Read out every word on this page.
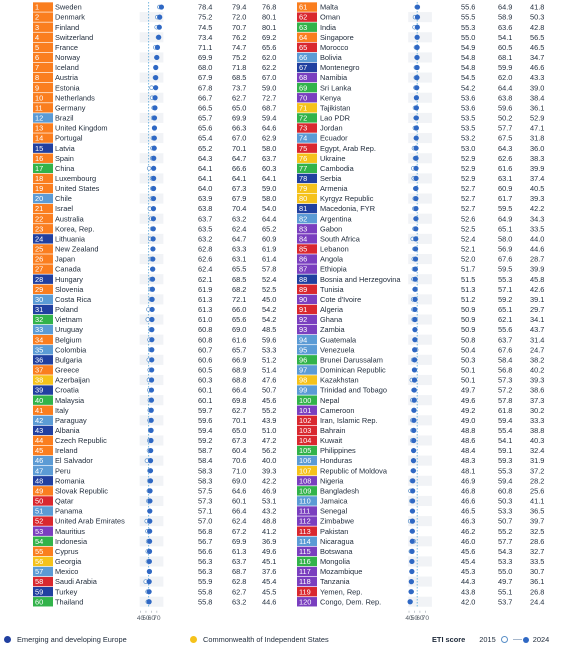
40
50
60
70	40
50
60
70
1 Sweden	78.4	79.4 76.8
2 Denmark	75.2	72.0 80.1
3 Finland	74.5	70.7 80.1
4 Switzerland	73.4	76.2 69.2
5 France	71.1	74.7 65.6
6 Norway	69.9	75.2 62.0
7 Iceland	68.0	71.8 62.2
8 Austria	67.9	68.5 67.0
9 Estonia	67.8	73.7 59.0
10 Netherlands	66.7	62.7 72.7
11 Germany	66.5	65.0 68.7
12 Brazil	65.7	69.9 59.4
13 United Kingdom	65.6	66.3 64.6
14 Portugal	65.4	67.0 62.9
15 Latvia	65.2	70.1 58.0
16 Spain	64.3	64.7 63.7
17 China	64.1	66.6 60.3
18 Luxembourg	64.1	64.1 64.1
19 United States	64.0	67.3 59.0
20 Chile	63.9	67.9 58.0
21 Israel	63.8	70.4 54.0
22 Australia	63.7	63.2 64.4
23 Korea, Rep.	63.5	62.4 65.2
24 Lithuania	63.2	64.7 60.9
25 New Zealand	62.8	63.3 61.9
26 Japan	62.6	63.1 61.4
27 Canada	62.4	65.5 57.8
28 Hungary	62.1	68.5 52.4
29 Slovenia	61.9	68.2 52.5
30 Costa Rica	61.3	72.1 45.0
31 Poland	61.3	66.0 54.2
32 Vietnam	61.0	65.6 54.2
33 Uruguay	60.8	69.0 48.5
34 Belgium	60.8	61.6 59.6
35 Colombia	60.7	65.7 53.3
36 Bulgaria	60.6	66.9 51.2
37 Greece	60.5	68.9 51.4
38 Azerbaijan	60.3	68.8 47.6
39 Croatia	60.1	66.4 50.7
40 Malaysia	60.1	69.8 45.6
41 Italy	59.7	62.7 55.2
42 Paraguay	59.6	70.1 43.9
43 Albania	59.4	65.0 51.0
44 Czech Republic	59.2	67.3 47.2
45 Ireland	58.7	60.4 56.2
46 El Salvador	58.4	70.6 40.0
47 Peru	58.3	71.0 39.3
48 Romania	58.3	69.0 42.2
49 Slovak Republic	57.5	64.6 46.9
50 Qatar	57.3	60.1 53.1
51 Panama	57.1	66.4 43.2
52 United Arab Emirates	57.0	62.4 48.8
53 Mauritius	56.8	67.2 41.2
54 Indonesia	56.7	69.9 36.9
55 Cyprus	56.6	61.3 49.6
56 Georgia	56.3	63.7 45.1
57 Mexico	56.3	68.7 37.6
58 Saudi Arabia	55.9	62.8 45.4
59 Turkey	55.8	62.7 45.5
60 Thailand	55.8	63.2 44.6
61 Malta	55.6	64.9 41.8
62 Oman	55.5	58.9 50.3
63 India	55.3	63.6 42.8
64 Singapore	55.0	54.1 56.5
65 Morocco	54.9	60.5 46.5
66 Bolivia	54.8	68.1 34.7
67 Montenegro	54.8	59.9 46.6
68 Namibia	54.5	62.0 43.3
69 Sri Lanka	54.2	64.4 39.0
70 Kenya	53.6	63.8 38.4
71 Tajikistan	53.6	59.6 36.1
72 Lao PDR	53.5	50.2 52.9
73 Jordan	53.5	57.7 47.1
74 Ecuador	53.2	67.5 31.8
75 Egypt, Arab Rep.	53.0	64.3 36.0
76 Ukraine	52.9	62.6 38.3
77 Cambodia	52.9	61.6 39.9
78 Serbia	52.9	63.1 37.4
79 Armenia	52.7	60.9 40.5
80 Kyrgyz Republic	52.7	61.7 39.3
81 Macedonia, FYR	52.7	59.5 42.2
82 Argentina	52.6	64.9 34.3
83 Gabon	52.5	65.1 33.5
84 South Africa	52.4	58.0 44.0
85 Lebanon	52.1	56.9 44.6
86 Angola	52.0	67.6 28.7
87 Ethiopia	51.7	59.5 39.9
88 Bosnia and Herzegovina	51.5	55.3 45.8
89 Tunisia	51.3	57.1 42.6
90 Cote d'Ivoire	51.2	59.2 39.1
91 Algeria	50.9	65.1 29.7
92 Ghana	50.9	62.1 34.1
93 Zambia	50.9	55.6 43.7
94 Guatemala	50.8	63.7 31.4
95 Venezuela	50.4	67.6 24.7
96 Brunei Darussalam	50.3	58.4 38.2
97 Dominican Republic	50.1	56.8 40.2
98 Kazakhstan	50.1	57.3 39.3
99 Trinidad and Tobago	49.7	57.2 38.6
100 Nepal	49.6	57.8 37.3
101 Cameroon	49.2	61.8 30.2
102 Iran, Islamic Rep.	49.0	59.4 33.3
103 Bahrain	48.8	55.4 38.8
104 Kuwait	48.6	54.1 40.3
105 Philippines	48.4	59.1 32.4
106 Honduras	48.3	59.3 31.9
107 Republic of Moldova	48.1	55.3 37.2
108 Nigeria	46.9	59.4 28.2
109 Bangladesh	46.8	60.8 25.6
110 Jamaica	46.6	50.3 41.1
111 Senegal	46.5	53.3 36.5
112 Zimbabwe	46.3	50.7 39.7
113 Pakistan	46.2	55.2 32.5
114 Nicaragua	46.0	57.7 28.6
115 Botswana	45.6	54.3 32.7
116 Mongolia	45.4	53.3 33.5
117 Mozambique	45.3	55.0 30.7
118 Tanzania	44.3	49.7 36.1
119 Yemen, Rep.	43.8	55.1 26.8
120 Congo, Dem. Rep.	42.0	53.7 24.4
Emerging and developing Europe	Commonwealth of Independent States	ETI score 2015	2024
